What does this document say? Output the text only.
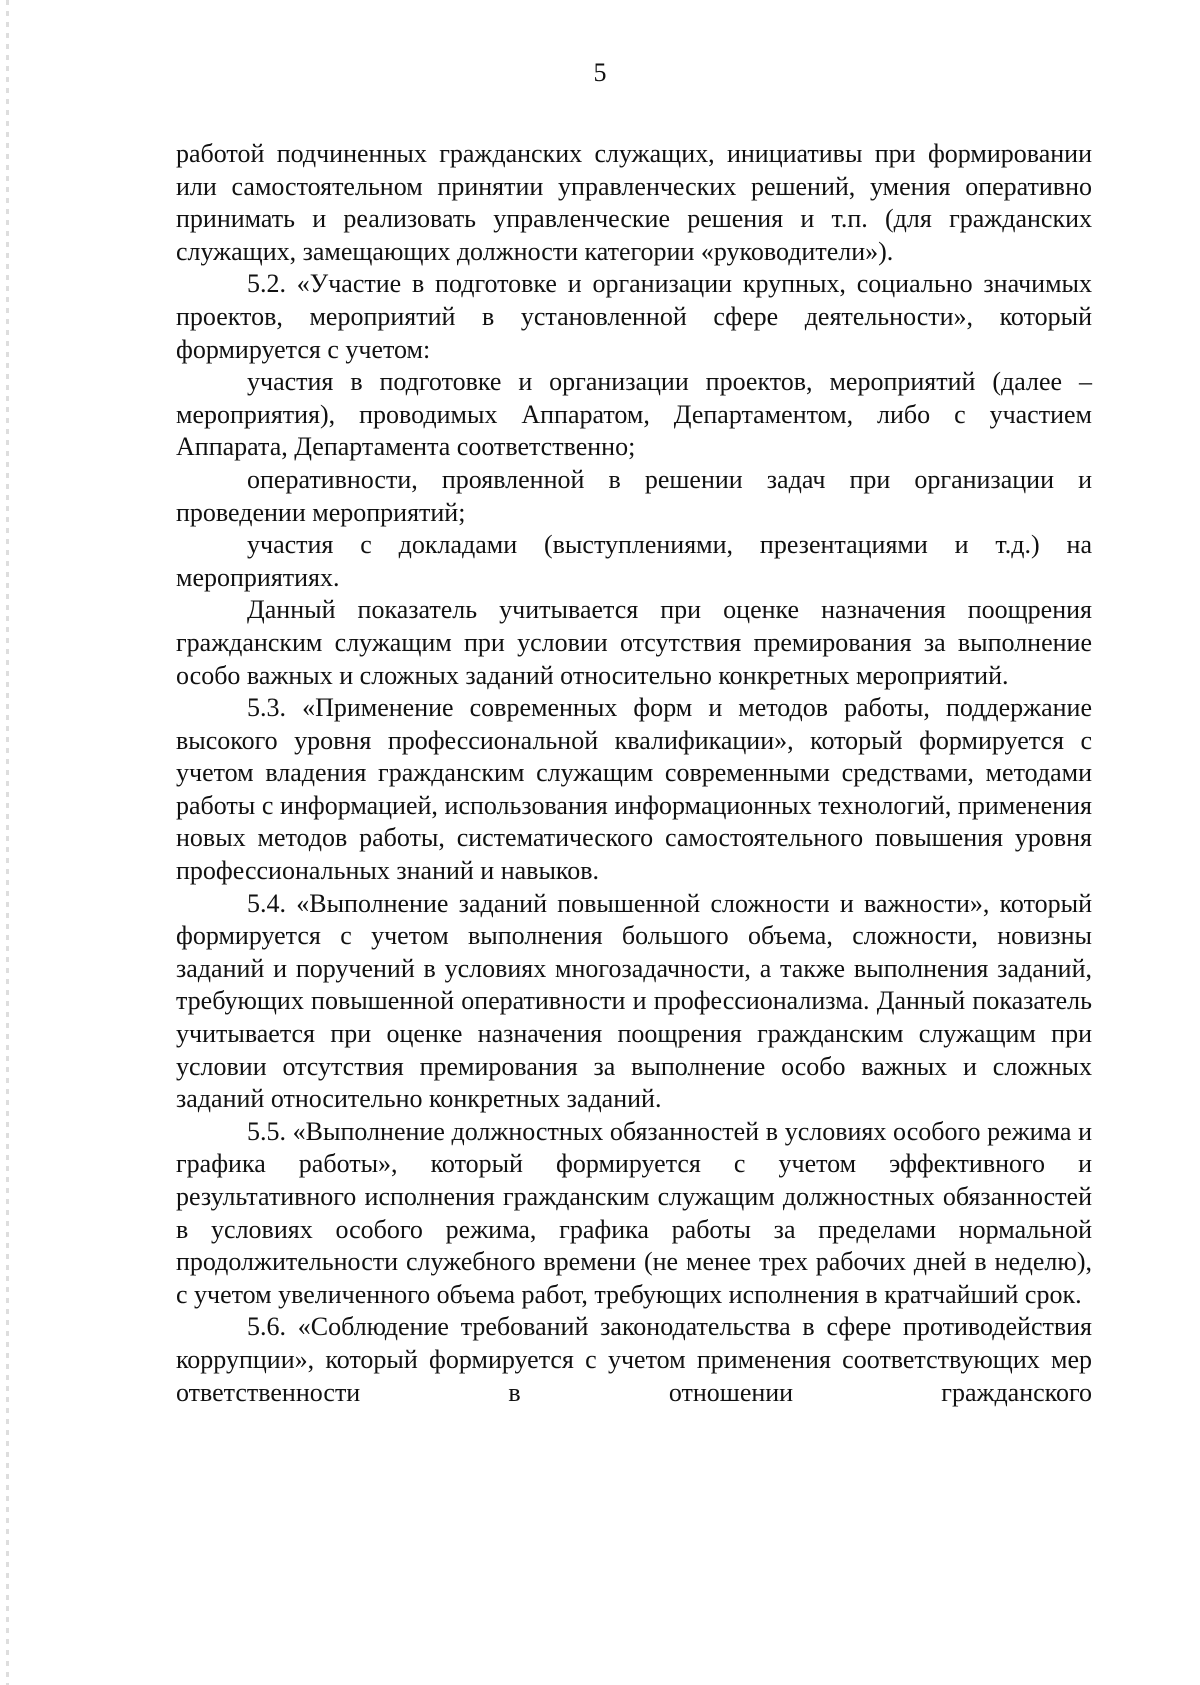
5

работой подчиненных гражданских служащих, инициативы при формировании или самостоятельном принятии управленческих решений, умения оперативно принимать и реализовать управленческие решения и т.п. (для гражданских служащих, замещающих должности категории «руководители»).

5.2. «Участие в подготовке и организации крупных, социально значимых проектов, мероприятий в установленной сфере деятельности», который формируется с учетом:

участия в подготовке и организации проектов, мероприятий (далее – мероприятия), проводимых Аппаратом, Департаментом, либо с участием Аппарата, Департамента соответственно;

оперативности, проявленной в решении задач при организации и проведении мероприятий;

участия с докладами (выступлениями, презентациями и т.д.) на мероприятиях.

Данный показатель учитывается при оценке назначения поощрения гражданским служащим при условии отсутствия премирования за выполнение особо важных и сложных заданий относительно конкретных мероприятий.

5.3. «Применение современных форм и методов работы, поддержание высокого уровня профессиональной квалификации», который формируется с учетом владения гражданским служащим современными средствами, методами работы с информацией, использования информационных технологий, применения новых методов работы, систематического самостоятельного повышения уровня профессиональных знаний и навыков.

5.4. «Выполнение заданий повышенной сложности и важности», который формируется с учетом выполнения большого объема, сложности, новизны заданий и поручений в условиях многозадачности, а также выполнения заданий, требующих повышенной оперативности и профессионализма. Данный показатель учитывается при оценке назначения поощрения гражданским служащим при условии отсутствия премирования за выполнение особо важных и сложных заданий относительно конкретных заданий.

5.5. «Выполнение должностных обязанностей в условиях особого режима и графика работы», который формируется с учетом эффективного и результативного исполнения гражданским служащим должностных обязанностей в условиях особого режима, графика работы за пределами нормальной продолжительности служебного времени (не менее трех рабочих дней в неделю), с учетом увеличенного объема работ, требующих исполнения в кратчайший срок.

5.6. «Соблюдение требований законодательства в сфере противодействия коррупции», который формируется с учетом применения соответствующих мер ответственности в отношении гражданского
